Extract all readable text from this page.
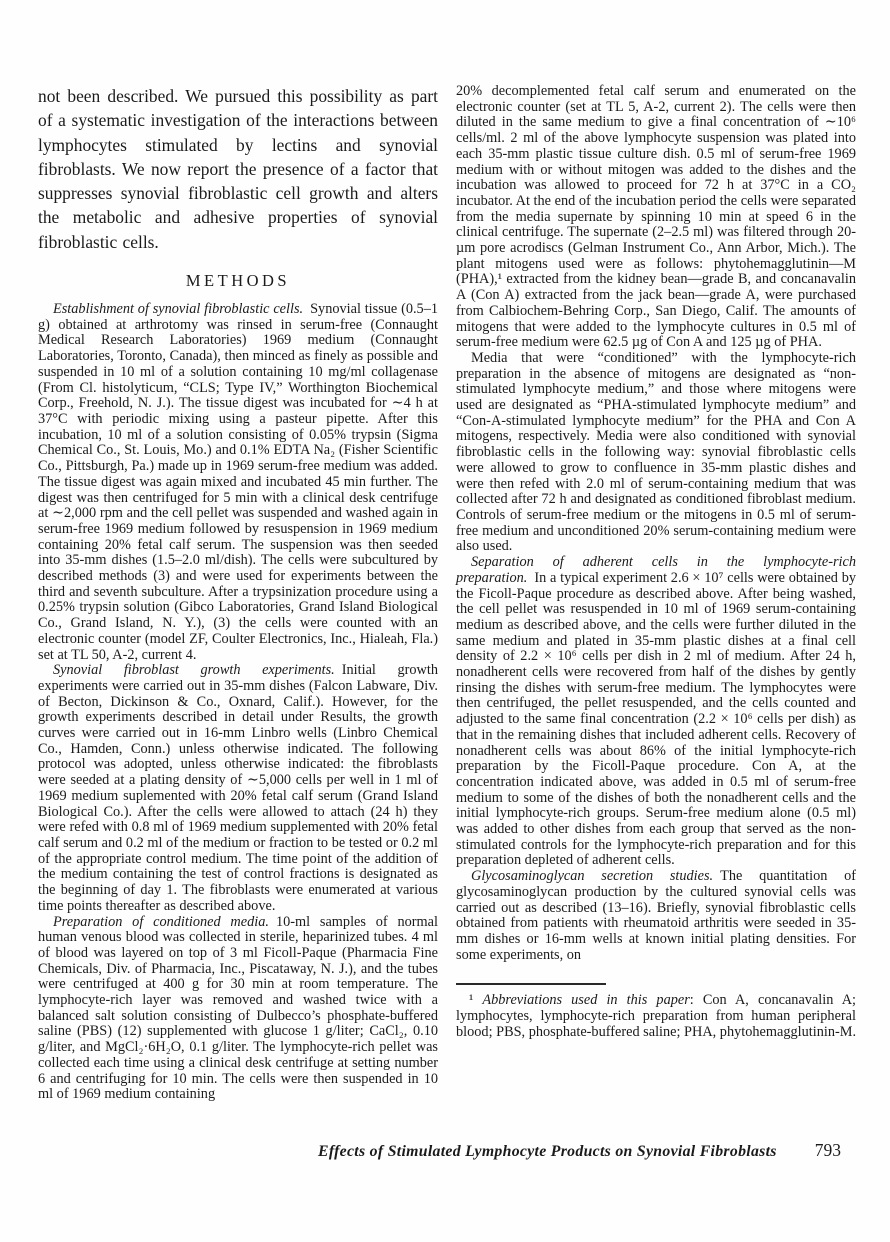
not been described. We pursued this possibility as part of a systematic investigation of the interactions between lymphocytes stimulated by lectins and synovial fibroblasts. We now report the presence of a factor that suppresses synovial fibroblastic cell growth and alters the metabolic and adhesive properties of synovial fibroblastic cells.

METHODS

Establishment of synovial fibroblastic cells. Synovial tissue (0.5–1 g) obtained at arthrotomy was rinsed in serum-free (Connaught Medical Research Laboratories) 1969 medium (Connaught Laboratories, Toronto, Canada), then minced as finely as possible and suspended in 10 ml of a solution containing 10 mg/ml collagenase (From Cl. histolyticum, “CLS; Type IV,” Worthington Biochemical Corp., Freehold, N. J.). The tissue digest was incubated for ∼4 h at 37°C with periodic mixing using a pasteur pipette. After this incubation, 10 ml of a solution consisting of 0.05% trypsin (Sigma Chemical Co., St. Louis, Mo.) and 0.1% EDTA Na₂ (Fisher Scientific Co., Pittsburgh, Pa.) made up in 1969 serum-free medium was added. The tissue digest was again mixed and incubated 45 min further. The digest was then centrifuged for 5 min with a clinical desk centrifuge at ∼2,000 rpm and the cell pellet was suspended and washed again in serum-free 1969 medium followed by resuspension in 1969 medium containing 20% fetal calf serum. The suspension was then seeded into 35-mm dishes (1.5–2.0 ml/dish). The cells were subcultured by described methods (3) and were used for experiments between the third and seventh subculture. After a trypsinization procedure using a 0.25% trypsin solution (Gibco Laboratories, Grand Island Biological Co., Grand Island, N. Y.), (3) the cells were counted with an electronic counter (model ZF, Coulter Electronics, Inc., Hialeah, Fla.) set at TL 50, A-2, current 4.

Synovial fibroblast growth experiments. Initial growth experiments were carried out in 35-mm dishes (Falcon Labware, Div. of Becton, Dickinson & Co., Oxnard, Calif.). However, for the growth experiments described in detail under Results, the growth curves were carried out in 16-mm Linbro wells (Linbro Chemical Co., Hamden, Conn.) unless otherwise indicated. The following protocol was adopted, unless otherwise indicated: the fibroblasts were seeded at a plating density of ∼5,000 cells per well in 1 ml of 1969 medium suplemented with 20% fetal calf serum (Grand Island Biological Co.). After the cells were allowed to attach (24 h) they were refed with 0.8 ml of 1969 medium supplemented with 20% fetal calf serum and 0.2 ml of the medium or fraction to be tested or 0.2 ml of the appropriate control medium. The time point of the addition of the medium containing the test of control fractions is designated as the beginning of day 1. The fibroblasts were enumerated at various time points thereafter as described above.

Preparation of conditioned media. 10-ml samples of normal human venous blood was collected in sterile, heparinized tubes. 4 ml of blood was layered on top of 3 ml Ficoll-Paque (Pharmacia Fine Chemicals, Div. of Pharmacia, Inc., Piscataway, N. J.), and the tubes were centrifuged at 400 g for 30 min at room temperature. The lymphocyte-rich layer was removed and washed twice with a balanced salt solution consisting of Dulbecco’s phosphate-buffered saline (PBS) (12) supplemented with glucose 1 g/liter; CaCl₂, 0.10 g/liter, and MgCl₂·6H₂O, 0.1 g/liter. The lymphocyte-rich pellet was collected each time using a clinical desk centrifuge at setting number 6 and centrifuging for 10 min. The cells were then suspended in 10 ml of 1969 medium containing

20% decomplemented fetal calf serum and enumerated on the electronic counter (set at TL 5, A-2, current 2). The cells were then diluted in the same medium to give a final concentration of ∼10⁶ cells/ml. 2 ml of the above lymphocyte suspension was plated into each 35-mm plastic tissue culture dish. 0.5 ml of serum-free 1969 medium with or without mitogen was added to the dishes and the incubation was allowed to proceed for 72 h at 37°C in a CO₂ incubator. At the end of the incubation period the cells were separated from the media supernate by spinning 10 min at speed 6 in the clinical centrifuge. The supernate (2–2.5 ml) was filtered through 20-µm pore acrodiscs (Gelman Instrument Co., Ann Arbor, Mich.). The plant mitogens used were as follows: phytohemagglutinin—M (PHA),¹ extracted from the kidney bean—grade B, and concanavalin A (Con A) extracted from the jack bean—grade A, were purchased from Calbiochem-Behring Corp., San Diego, Calif. The amounts of mitogens that were added to the lymphocyte cultures in 0.5 ml of serum-free medium were 62.5 µg of Con A and 125 µg of PHA.

Media that were “conditioned” with the lymphocyte-rich preparation in the absence of mitogens are designated as “non-stimulated lymphocyte medium,” and those where mitogens were used are designated as “PHA-stimulated lymphocyte medium” and “Con-A-stimulated lymphocyte medium” for the PHA and Con A mitogens, respectively. Media were also conditioned with synovial fibroblastic cells in the following way: synovial fibroblastic cells were allowed to grow to confluence in 35-mm plastic dishes and were then refed with 2.0 ml of serum-containing medium that was collected after 72 h and designated as conditioned fibroblast medium. Controls of serum-free medium or the mitogens in 0.5 ml of serum-free medium and unconditioned 20% serum-containing medium were also used.

Separation of adherent cells in the lymphocyte-rich preparation. In a typical experiment 2.6 × 10⁷ cells were obtained by the Ficoll-Paque procedure as described above. After being washed, the cell pellet was resuspended in 10 ml of 1969 serum-containing medium as described above, and the cells were further diluted in the same medium and plated in 35-mm plastic dishes at a final cell density of 2.2 × 10⁶ cells per dish in 2 ml of medium. After 24 h, nonadherent cells were recovered from half of the dishes by gently rinsing the dishes with serum-free medium. The lymphocytes were then centrifuged, the pellet resuspended, and the cells counted and adjusted to the same final concentration (2.2 × 10⁶ cells per dish) as that in the remaining dishes that included adherent cells. Recovery of nonadherent cells was about 86% of the initial lymphocyte-rich preparation by the Ficoll-Paque procedure. Con A, at the concentration indicated above, was added in 0.5 ml of serum-free medium to some of the dishes of both the nonadherent cells and the initial lymphocyte-rich groups. Serum-free medium alone (0.5 ml) was added to other dishes from each group that served as the non-stimulated controls for the lymphocyte-rich preparation and for this preparation depleted of adherent cells.

Glycosaminoglycan secretion studies. The quantitation of glycosaminoglycan production by the cultured synovial cells was carried out as described (13–16). Briefly, synovial fibroblastic cells obtained from patients with rheumatoid arthritis were seeded in 35-mm dishes or 16-mm wells at known initial plating densities. For some experiments, on

¹ Abbreviations used in this paper: Con A, concanavalin A; lymphocytes, lymphocyte-rich preparation from human peripheral blood; PBS, phosphate-buffered saline; PHA, phytohemagglutinin-M.

Effects of Stimulated Lymphocyte Products on Synovial Fibroblasts 793
